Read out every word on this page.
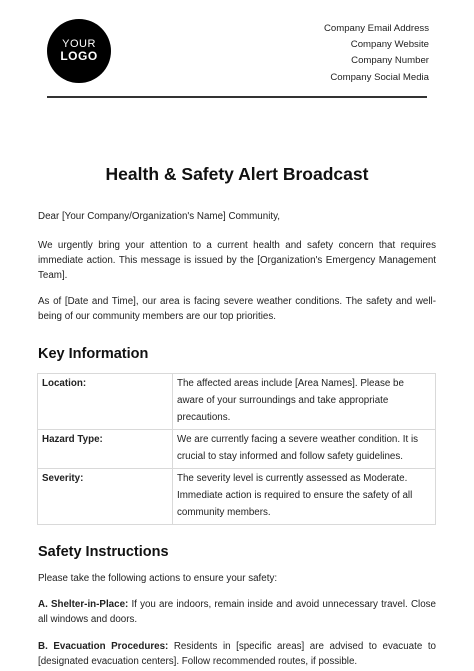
YOUR
LOGO
Company Email Address
Company Website
Company Number
Company Social Media
Health & Safety Alert Broadcast
Dear [Your Company/Organization's Name] Community,
We urgently bring your attention to a current health and safety concern that requires immediate action. This message is issued by the [Organization's Emergency Management Team].
As of [Date and Time], our area is facing severe weather conditions. The safety and well-being of our community members are our top priorities.
Key Information
Location:	The affected areas include [Area Names]. Please be aware of your surroundings and take appropriate precautions.
Hazard Type:	We are currently facing a severe weather condition. It is crucial to stay informed and follow safety guidelines.
Severity:	The severity level is currently assessed as Moderate. Immediate action is required to ensure the safety of all community members.
Safety Instructions
Please take the following actions to ensure your safety:
A. Shelter-in-Place: If you are indoors, remain inside and avoid unnecessary travel. Close all windows and doors.
B. Evacuation Procedures: Residents in [specific areas] are advised to evacuate to [designated evacuation centers]. Follow recommended routes, if possible.
